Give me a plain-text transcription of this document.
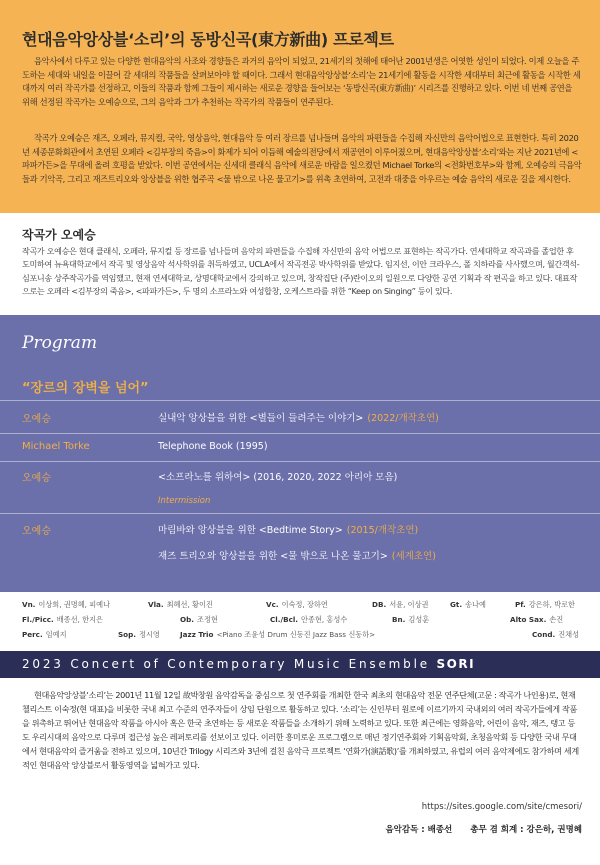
현대음악앙상블‘소리’의 동방신곡(東方新曲) 프로젝트

음악사에서 다루고 있는 다양한 현대음악의 사조와 경향들은 과거의 음악이 되었고, 21세기의 첫해에 태어난 2001년생은 어엿한 성인이 되었다. 이제 오늘을 주도하는 세대와 내일을 이끌어 갈 세대의 작품들을 살펴보아야 할 때이다. 그래서 현대음악앙상블‘소리’는 21세기에 활동을 시작한 세대부터 최근에 활동을 시작한 세대까지 여러 작곡가를 선정하고, 이들의 작품과 함께 그들이 제시하는 새로운 경향을 들어보는 ‘동방신곡(東方新曲)’ 시리즈를 진행하고 있다. 이번 네 번째 공연을 위해 선정된 작곡가는 오예승으로, 그의 음악과 그가 추천하는 작곡가의 작품들이 연주된다.

작곡가 오예승은 재즈, 오페라, 뮤지컬, 국악, 영상음악, 현대음악 등 여러 장르를 넘나들며 음악의 파편들을 수집해 자신만의 음악어법으로 표현한다. 특히 2020년 세종문화회관에서 초연된 오페라 <김부장의 죽음>이 화제가 되어 이듬해 예술의전당에서 재공연이 이루어졌으며, 현대음악앙상블‘소리’와는 지난 2021년에 <파파가든>을 무대에 올려 호평을 받았다. 이번 공연에서는 신세대 클래식 음악에 새로운 바람을 일으켰던 Michael Torke의 <전화번호부>와 함께, 오예승의 극음악들과 기악곡, 그리고 재즈트리오와 앙상블을 위한 협주곡 <물 밖으로 나온 물고기>를 위촉 초연하여, 고전과 대중을 아우르는 예술 음악의 새로운 길을 제시한다.

작곡가 오예승

작곡가 오예승은 현대 클래식, 오페라, 뮤지컬 등 장르를 넘나들며 음악의 파편들을 수집해 자신만의 음악 어법으로 표현하는 작곡가다. 연세대학교 작곡과를 졸업한 후 도미하여 뉴욕대학교에서 작곡 및 영상음악 석사학위를 취득하였고, UCLA에서 작곡전공 박사학위를 받았다. 임지선, 이안 크라우스, 폴 치하라를 사사했으며, 월간객석-심포니송 상주작곡가를 역임했고, 현재 연세대학교, 상명대학교에서 강의하고 있으며, 창작집단 (주)란이오의 일원으로 다양한 공연 기획과 작 편곡을 하고 있다. 대표작으로는 오페라 <김부장의 죽음>, <파파가든>, 두 명의 소프라노와 여성합창, 오케스트라를 위한 “Keep on Singing” 등이 있다.

Program
“장르의 장벽을 넘어”
오예승	실내악 앙상블을 위한 <별들이 들려주는 이야기> (2022/개작초연)
Michael Torke	Telephone Book (1995)
오예승	<소프라노를 위하여> (2016, 2020, 2022 아리아 모음)
Intermission
오예승	마림바와 앙상블을 위한 <Bedtime Story> (2015/개작초연)
재즈 트리오와 앙상블을 위한 <물 밖으로 나온 물고기> (세계초연)
Vn. 이상희, 권명혜, 피예나	Vla. 최혜선, 황이진	Vc. 이숙정, 장하연	DB. 서윤, 이상권	Gt. 송나예	Pf. 강은하, 박로한
Fl./Picc. 배종선, 한지은	Ob. 조정현	Cl./Bcl. 안종현, 홍성수	Bn. 김성훈	Alto Sax. 손진
Perc. 임예지	Sop. 정시영	Jazz Trio <Piano 조윤성 Drum 신동진 Jazz Bass 신동하>	Cond. 진채성
2023 Concert of Contemporary Music Ensemble SORI

현대음악앙상블‘소리’는 2001년 11월 12일 故박창원 음악감독을 중심으로 첫 연주회를 개최한 한국 최초의 현대음악 전문 연주단체(고문 : 작곡가 나인용)로, 현재 첼리스트 이숙정(현 대표)을 비롯한 국내 최고 수준의 연주자들이 상임 단원으로 활동하고 있다. ‘소리’는 신인부터 원로에 이르기까지 국내외의 여러 작곡가들에게 작품을 위촉하고 뛰어난 현대음악 작품을 아시아 혹은 한국 초연하는 등 새로운 작품들을 소개하기 위해 노력하고 있다. 또한 최근에는 영화음악, 어린이 음악, 재즈, 탱고 등도 우리시대의 음악으로 다루며 접근성 높은 레퍼토리를 선보이고 있다. 이러한 흥미로운 프로그램으로 매년 정기연주회와 기획음악회, 초청음악회 등 다양한 국내 무대에서 현대음악의 즐거움을 전하고 있으며, 10년간 Trilogy 시리즈와 3년에 걸친 음악극 프로젝트 ‘연화가(演話歌)’를 개최하였고, 유럽의 여러 음악제에도 참가하며 세계적인 현대음악 앙상블로서 활동영역을 넓혀가고 있다.

https://sites.google.com/site/cmesori/
음악감독 : 배종선 총무 겸 회계 : 강은하, 권명혜
